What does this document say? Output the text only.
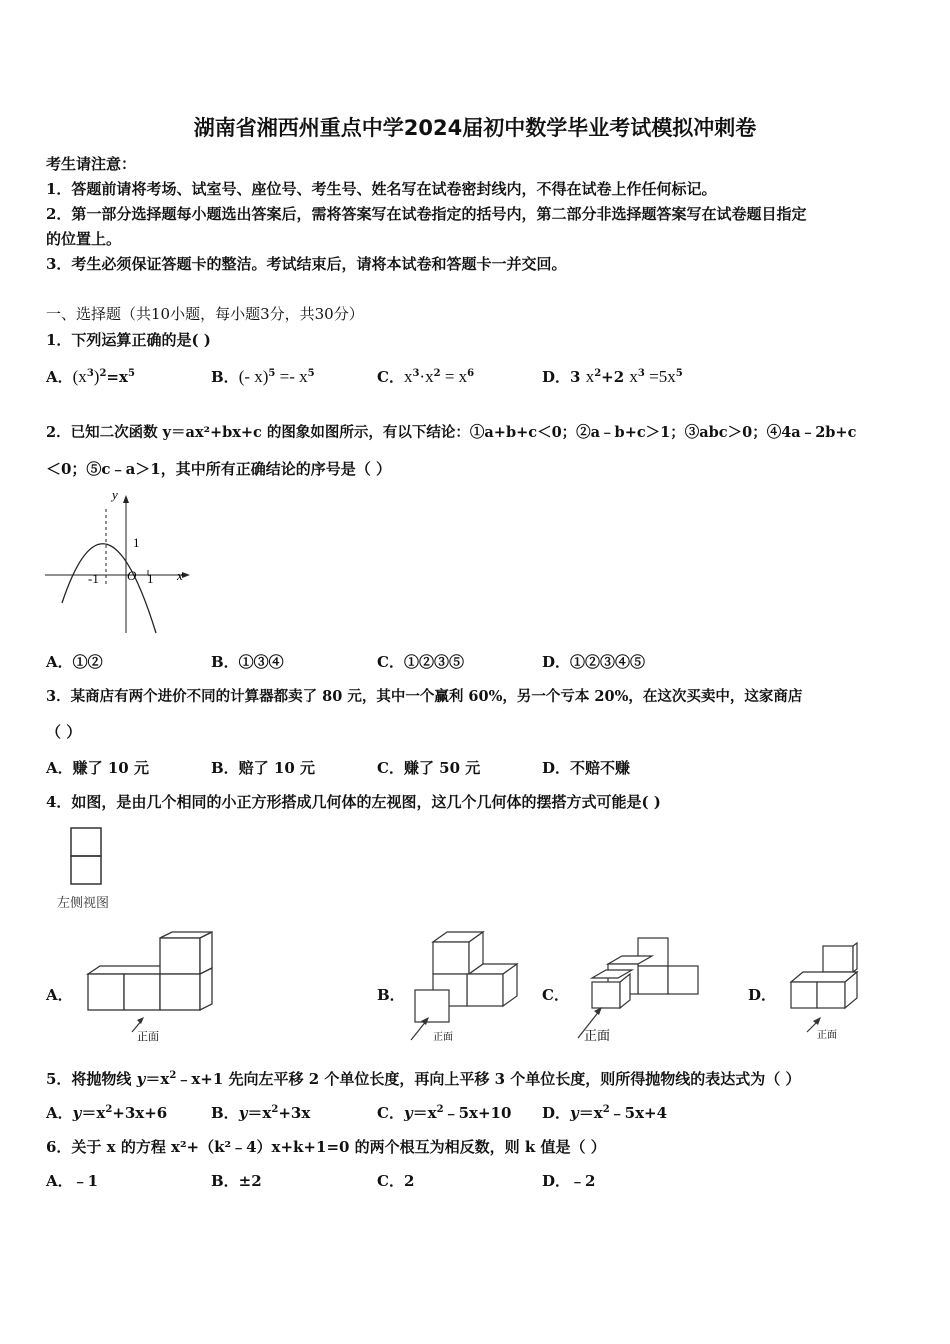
湖南省湘西州重点中学2024届初中数学毕业考试模拟冲刺卷
考生请注意：
1．答题前请将考场、试室号、座位号、考生号、姓名写在试卷密封线内，不得在试卷上作任何标记。
2．第一部分选择题每小题选出答案后，需将答案写在试卷指定的括号内，第二部分非选择题答案写在试卷题目指定
的位置上。
3．考生必须保证答题卡的整洁。考试结束后，请将本试卷和答题卡一并交回。
一、选择题（共10小题，每小题3分，共30分）
1．下列运算正确的是( )
A．$(x^3)^2=x^5$	B．(- $x)^5 =- x^5$	C．$x^3\cdot x^2 = x^6$	D．3 $x^2+2$ $x^3 =5x^5$
2．已知二次函数 y＝ax²+bx+c 的图象如图所示，有以下结论：①a+b+c＜0；②a﹣b+c＞1；③abc＞0；④4a﹣2b+c
＜0；⑤c﹣a＞1，其中所有正确结论的序号是（ ）
y
x
1
-1 O 1
A．①②	B．①③④	C．①②③⑤	D．①②③④⑤
3．某商店有两个进价不同的计算器都卖了 80 元，其中一个赢利 60%，另一个亏本 20%，在这次买卖中，这家商店
（ ）
A．赚了 10 元	B．赔了 10 元	C．赚了 50 元	D．不赔不赚
4．如图，是由几个相同的小正方形搭成几何体的左视图，这几个几何体的摆搭方式可能是( )
左侧视图
A．
正面
B．
正面
C．
正面
D．
正面
5．将抛物线 $y=x^2﹣x+1$ 先向左平移 2 个单位长度，再向上平移 3 个单位长度，则所得抛物线的表达式为（ ）
A．$y=x^2+3x+6$	B．$y=x^2+3x$	C．$y=x^2﹣5x+10$ D．$y=x^2﹣5x+4$
6．关于 x 的方程 x²+（k²﹣4）x+k+1=0 的两个根互为相反数，则 k 值是（ ）
A．﹣1	B．±2	C．2	D．﹣2
